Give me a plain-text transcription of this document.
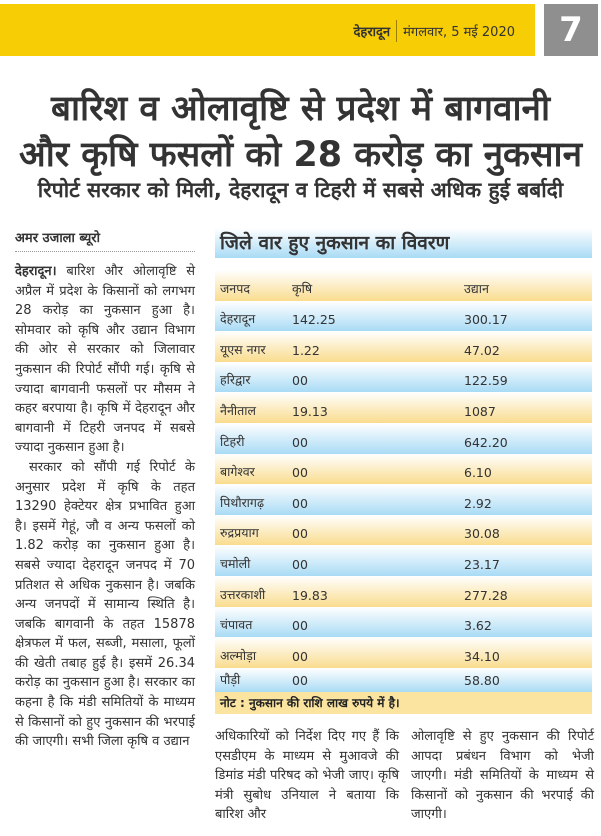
देहरादून मंगलवार, 5 मई 2020	7
बारिश व ओलावृष्टि से प्रदेश में बागवानी
और कृषि फसलों को 28 करोड़ का नुकसान
रिपोर्ट सरकार को मिली, देहरादून व टिहरी में सबसे अधिक हुई बर्बादी
अमर उजाला ब्यूरो

देहरादून। बारिश और ओलावृष्टि से अप्रैल में प्रदेश के किसानों को लगभग 28 करोड़ का नुकसान हुआ है। सोमवार को कृषि और उद्यान विभाग की ओर से सरकार को जिलावार नुकसान की रिपोर्ट सौंपी गई। कृषि से ज्यादा बागवानी फसलों पर मौसम ने कहर बरपाया है। कृषि में देहरादून और बागवानी में टिहरी जनपद में सबसे ज्यादा नुकसान हुआ है।

सरकार को सौंपी गई रिपोर्ट के अनुसार प्रदेश में कृषि के तहत 13290 हेक्टेयर क्षेत्र प्रभावित हुआ है। इसमें गेहूं, जौ व अन्य फसलों को 1.82 करोड़ का नुकसान हुआ है। सबसे ज्यादा देहरादून जनपद में 70 प्रतिशत से अधिक नुकसान है। जबकि अन्य जनपदों में सामान्य स्थिति है। जबकि बागवानी के तहत 15878 क्षेत्रफल में फल, सब्जी, मसाला, फूलों की खेती तबाह हुई है। इसमें 26.34 करोड़ का नुकसान हुआ है। सरकार का कहना है कि मंडी समितियों के माध्यम से किसानों को हुए नुकसान की भरपाई की जाएगी। सभी जिला कृषि व उद्यान

जिले वार हुए नुकसान का विवरण
जनपद	कृषि	उद्यान
देहरादून	142.25	300.17
यूएस नगर	1.22	47.02
हरिद्वार	00	122.59
नैनीताल	19.13	1087
टिहरी	00	642.20
बागेश्वर	00	6.10
पिथौरागढ़	00	2.92
रुद्रप्रयाग	00	30.08
चमोली	00	23.17
उत्तरकाशी	19.83	277.28
चंपावत	00	3.62
अल्मोड़ा	00	34.10
पौड़ी	00	58.80
नोट : नुकसान की राशि लाख रुपये में है।

अधिकारियों को निर्देश दिए गए हैं कि एसडीएम के माध्यम से मुआवजे की डिमांड मंडी परिषद को भेजी जाए। कृषि मंत्री सुबोध उनियाल ने बताया कि बारिश और

ओलावृष्टि से हुए नुकसान की रिपोर्ट आपदा प्रबंधन विभाग को भेजी जाएगी। मंडी समितियों के माध्यम से किसानों को नुकसान की भरपाई की जाएगी।
